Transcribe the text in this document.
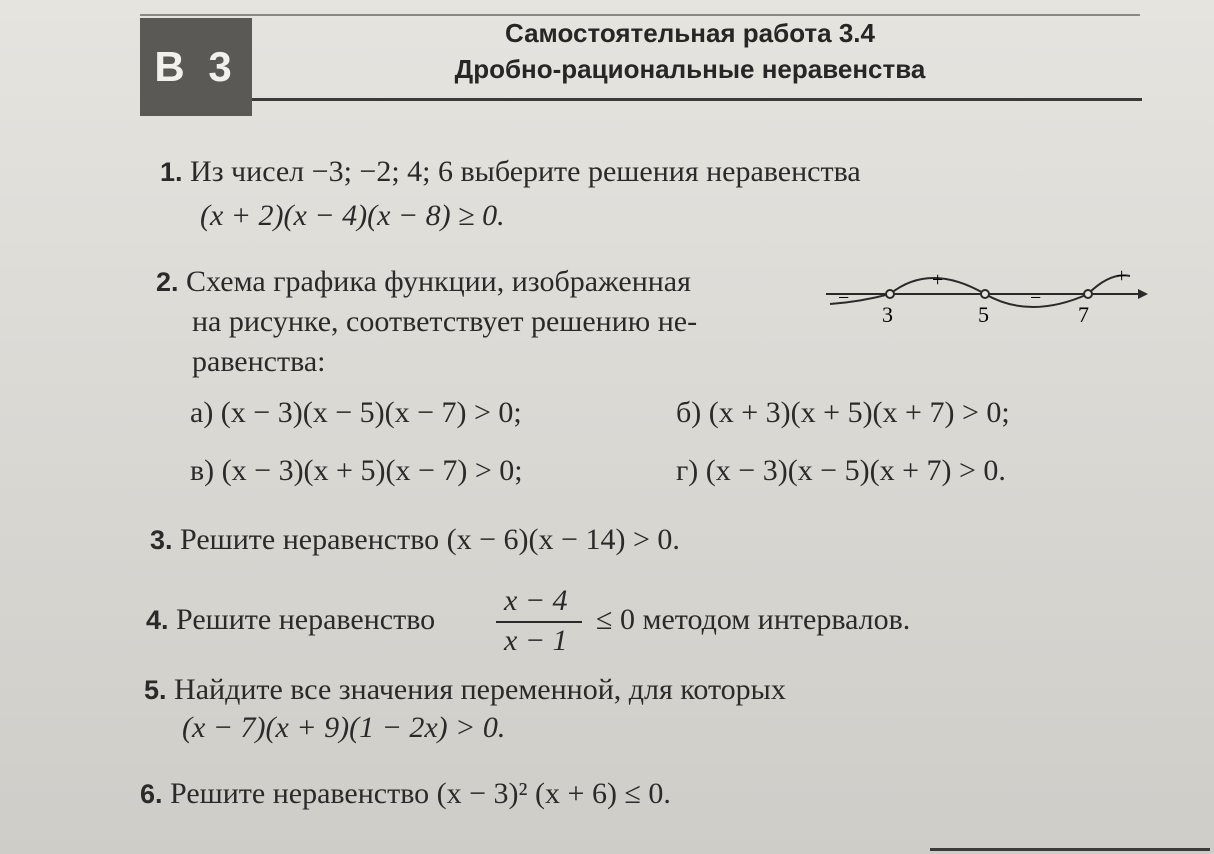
В 3
Самостоятельная работа 3.4
Дробно-рациональные неравенства
1. Из чисел −3; −2; 4; 6 выберите решения неравенства
(x + 2)(x − 4)(x − 8) ≥ 0.
2. Схема графика функции, изображенная
на рисунке, соответствует решению не-
равенства:
3	5	7
−
+
−
+
а) (x − 3)(x − 5)(x − 7) > 0;	б) (x + 3)(x + 5)(x + 7) > 0;
в) (x − 3)(x + 5)(x − 7) > 0;	г) (x − 3)(x − 5)(x + 7) > 0.
3. Решите неравенство (x − 6)(x − 14) > 0.
4. Решите неравенство
x − 4
x − 1
≤ 0 методом интервалов.
5. Найдите все значения переменной, для которых
(x − 7)(x + 9)(1 − 2x) > 0.
6. Решите неравенство (x − 3)² (x + 6) ≤ 0.
